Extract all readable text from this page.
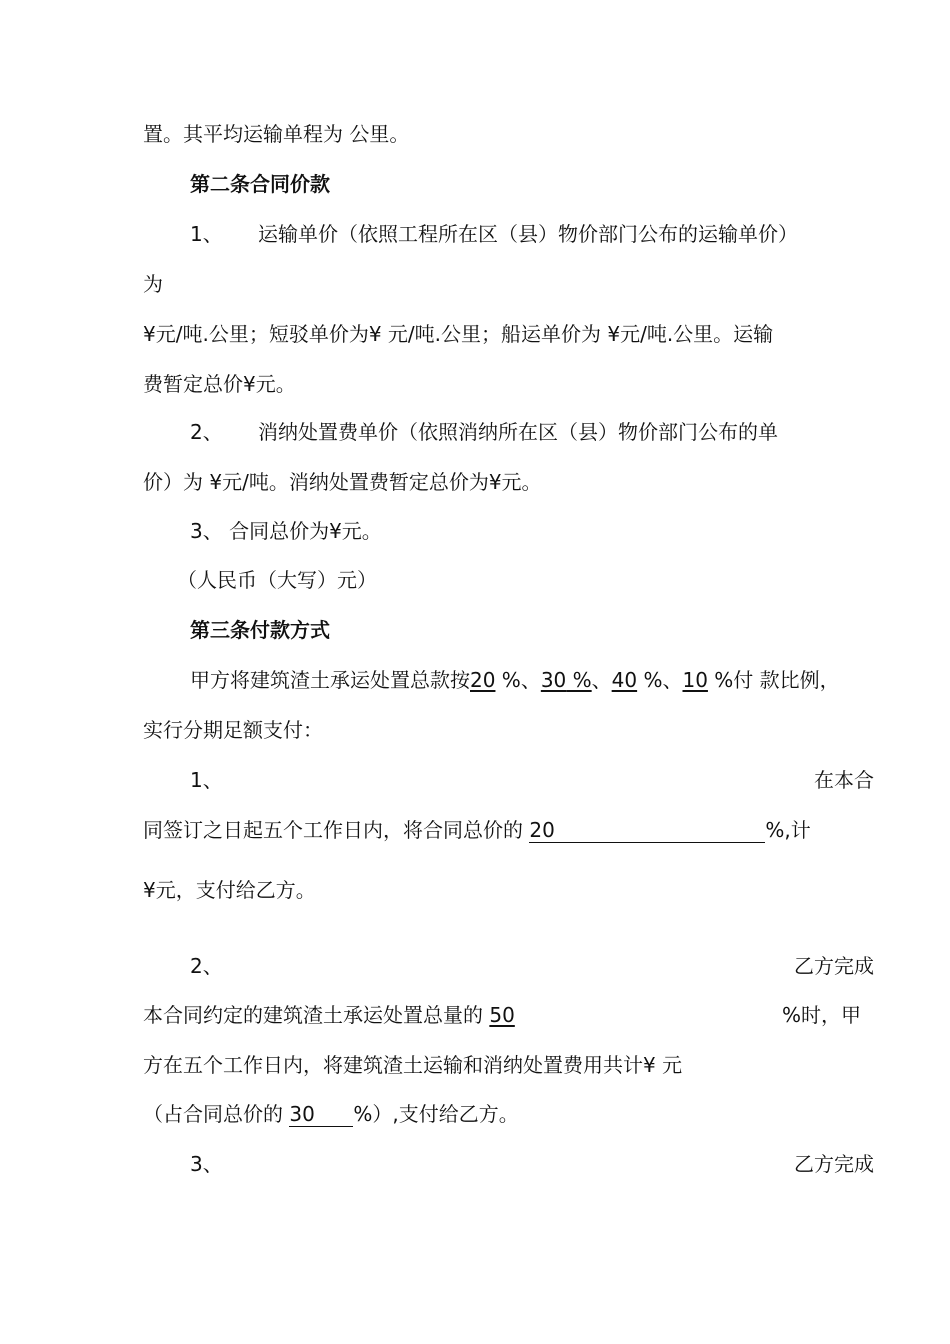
置。其平均运输单程为 公里。
第二条合同价款
1、 运输单价（依照工程所在区（县）物价部门公布的运输单价）
为
¥元/吨.公里；短驳单价为¥ 元/吨.公里；船运单价为 ¥元/吨.公里。运输
费暂定总价¥元。
2、 消纳处置费单价（依照消纳所在区（县）物价部门公布的单
价）为 ¥元/吨。消纳处置费暂定总价为¥元。
3、 合同总价为¥元。
（人民币（大写）元）
第三条付款方式
甲方将建筑渣土承运处置总款按20 %、30 %、40 %、10 %付 款比例，
实行分期足额支付：
1、	在本合
同签订之日起五个工作日内，将合同总价的 20	%,计
¥元，支付给乙方。
2、	乙方完成
本合同约定的建筑渣土承运处置总量的 50	%时，甲
方在五个工作日内，将建筑渣土运输和消纳处置费用共计¥ 元
（占合同总价的 30 %）,支付给乙方。
3、	乙方完成
